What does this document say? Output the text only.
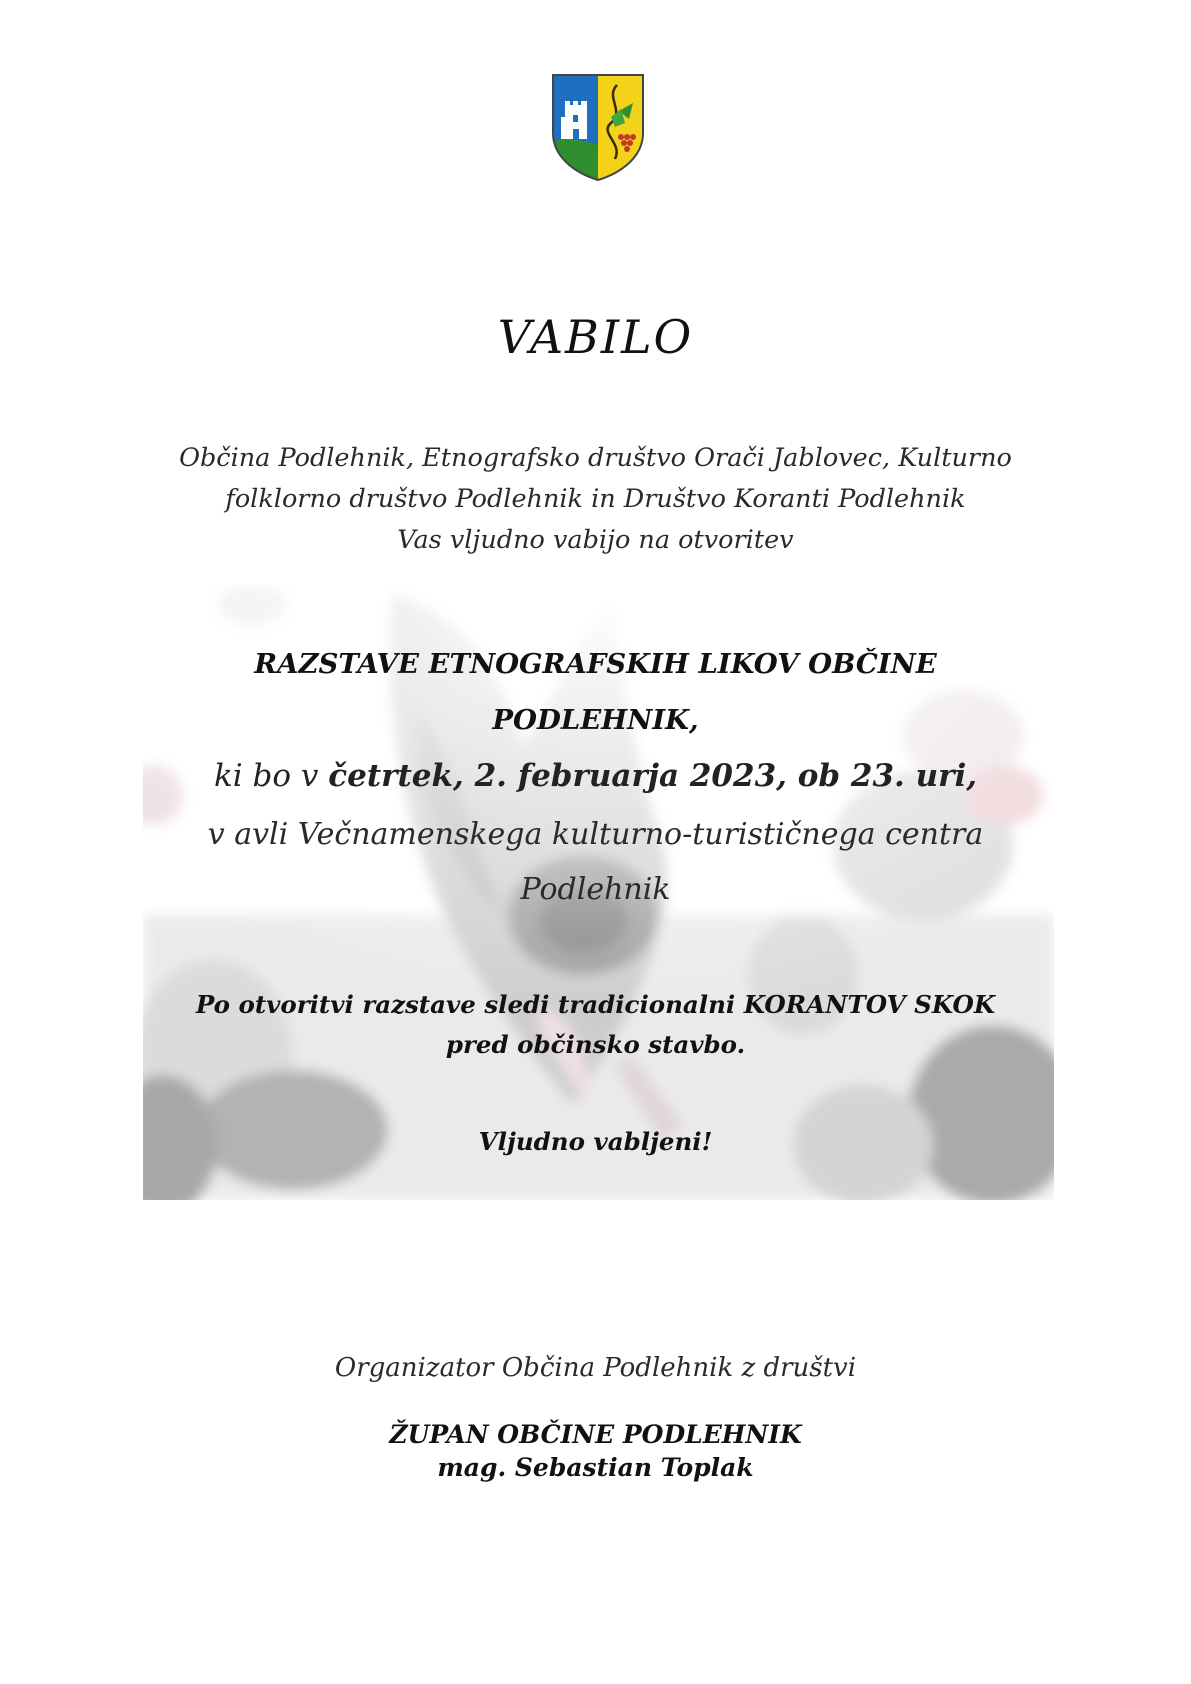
VABILO
Občina Podlehnik, Etnografsko društvo Orači Jablovec, Kulturno
folklorno društvo Podlehnik in Društvo Koranti Podlehnik
Vas vljudno vabijo na otvoritev
RAZSTAVE ETNOGRAFSKIH LIKOV OBČINE
PODLEHNIK,
ki bo v četrtek, 2. februarja 2023, ob 23. uri,
v avli Večnamenskega kulturno-turističnega centra
Podlehnik
Po otvoritvi razstave sledi tradicionalni KORANTOV SKOK
pred občinsko stavbo.
Vljudno vabljeni!
Organizator Občina Podlehnik z društvi
ŽUPAN OBČINE PODLEHNIK
mag. Sebastian Toplak
